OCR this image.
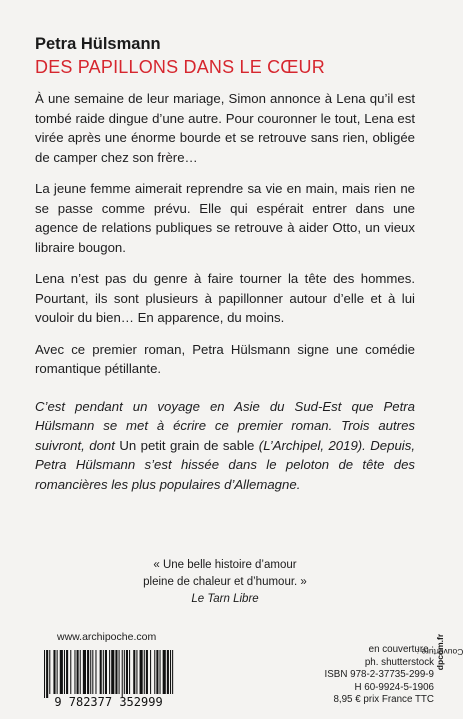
Petra Hülsmann
DES PAPILLONS DANS LE CŒUR

À une semaine de leur mariage, Simon annonce à Lena qu’il est tombé raide dingue d’une autre. Pour couronner le tout, Lena est virée après une énorme bourde et se retrouve sans rien, obligée de camper chez son frère…

La jeune femme aimerait reprendre sa vie en main, mais rien ne se passe comme prévu. Elle qui espérait entrer dans une agence de relations publiques se retrouve à aider Otto, un vieux libraire bougon.

Lena n’est pas du genre à faire tourner la tête des hommes. Pourtant, ils sont plusieurs à papillonner autour d’elle et à lui vouloir du bien… En apparence, du moins.

Avec ce premier roman, Petra Hülsmann signe une comédie romantique pétillante.

C’est pendant un voyage en Asie du Sud-Est que Petra Hülsmann se met à écrire ce premier roman. Trois autres suivront, dont Un petit grain de sable (L’Archipel, 2019). Depuis, Petra Hülsmann s’est hissée dans le peloton de tête des romancières les plus populaires d’Allemagne.

« Une belle histoire d’amour
pleine de chaleur et d’humour. »
Le Tarn Libre
www.archipoche.com
9 782377 352999
en couverture :
ph. shutterstock
ISBN 978-2-37735-299-9
H 60-9924-5-1906
8,95 € prix France TTC
Couverture :
dpcom.fr
